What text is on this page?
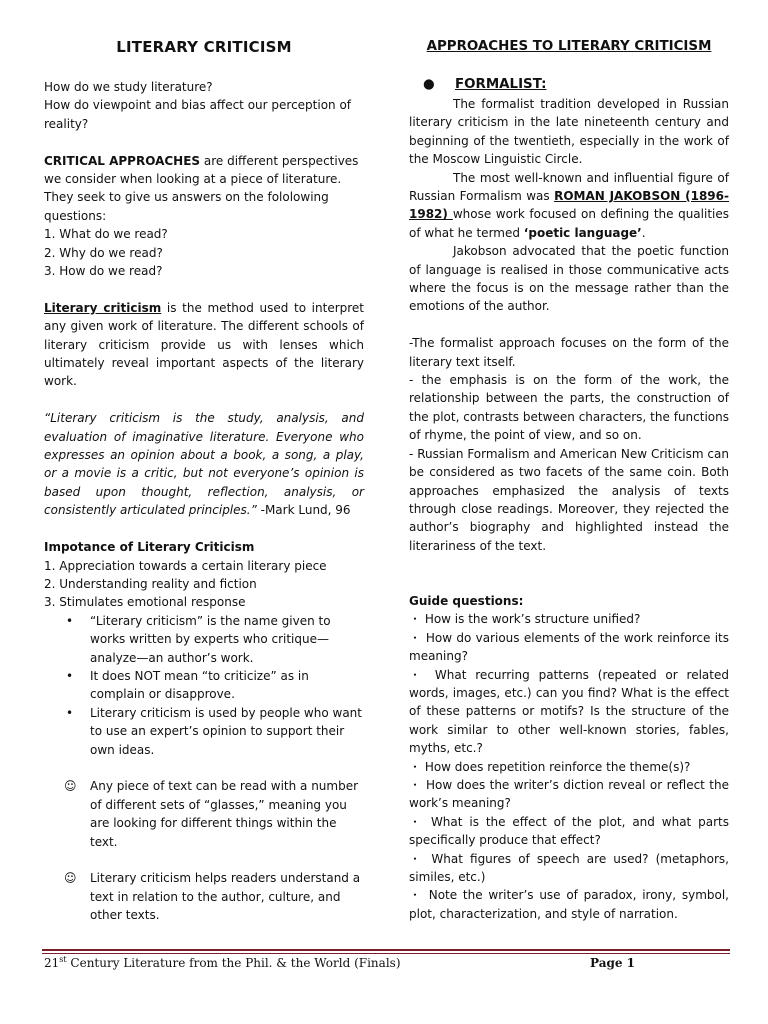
LITERARY CRITICISM

How do we study literature?

How do viewpoint and bias affect our perception of reality?

CRITICAL APPROACHES are different perspectives we consider when looking at a piece of literature. They seek to give us answers on the fololowing questions:

1. What do we read?

2. Why do we read?

3. How do we read?

Literary criticism is the method used to interpret any given work of literature. The different schools of literary criticism provide us with lenses which ultimately reveal important aspects of the literary work.

“Literary criticism is the study, analysis, and evaluation of imaginative literature. Everyone who expresses an opinion about a book, a song, a play, or a movie is a critic, but not everyone’s opinion is based upon thought, reflection, analysis, or consistently articulated principles.” -Mark Lund, 96

Impotance of Literary Criticism

1. Appreciation towards a certain literary piece

2. Understanding reality and fiction

3. Stimulates emotional response

• “Literary criticism” is the name given to works written by experts who critique—analyze—an author’s work.
• It does NOT mean “to criticize” as in complain or disapprove.
• Literary criticism is used by people who want to use an expert’s opinion to support their own ideas.

☺ Any piece of text can be read with a number of different sets of “glasses,” meaning you are looking for different things within the text.

☺ Literary criticism helps readers understand a text in relation to the author, culture, and other texts.

APPROACHES TO LITERARY CRITICISM
● FORMALIST:

The formalist tradition developed in Russian literary criticism in the late nineteenth century and beginning of the twentieth, especially in the work of the Moscow Linguistic Circle.

The most well-known and influential figure of Russian Formalism was ROMAN JAKOBSON (1896-1982) whose work focused on defining the qualities of what he termed ‘poetic language’.

Jakobson advocated that the poetic function of language is realised in those communicative acts where the focus is on the message rather than the emotions of the author.

-The formalist approach focuses on the form of the literary text itself.

- the emphasis is on the form of the work, the relationship between the parts, the construction of the plot, contrasts between characters, the functions of rhyme, the point of view, and so on.

- Russian Formalism and American New Criticism can be considered as two facets of the same coin. Both approaches emphasized the analysis of texts through close readings. Moreover, they rejected the author’s biography and highlighted instead the literariness of the text.

Guide questions:

・ How is the work’s structure unified?

・ How do various elements of the work reinforce its meaning?

・ What recurring patterns (repeated or related words, images, etc.) can you find? What is the effect of these patterns or motifs? Is the structure of the work similar to other well-known stories, fables, myths, etc.?

・ How does repetition reinforce the theme(s)?

・ How does the writer’s diction reveal or reflect the work’s meaning?

・ What is the effect of the plot, and what parts specifically produce that effect?

・ What figures of speech are used? (metaphors, similes, etc.)

・ Note the writer’s use of paradox, irony, symbol, plot, characterization, and style of narration.

21st Century Literature from the Phil. & the World (Finals)	Page 1
